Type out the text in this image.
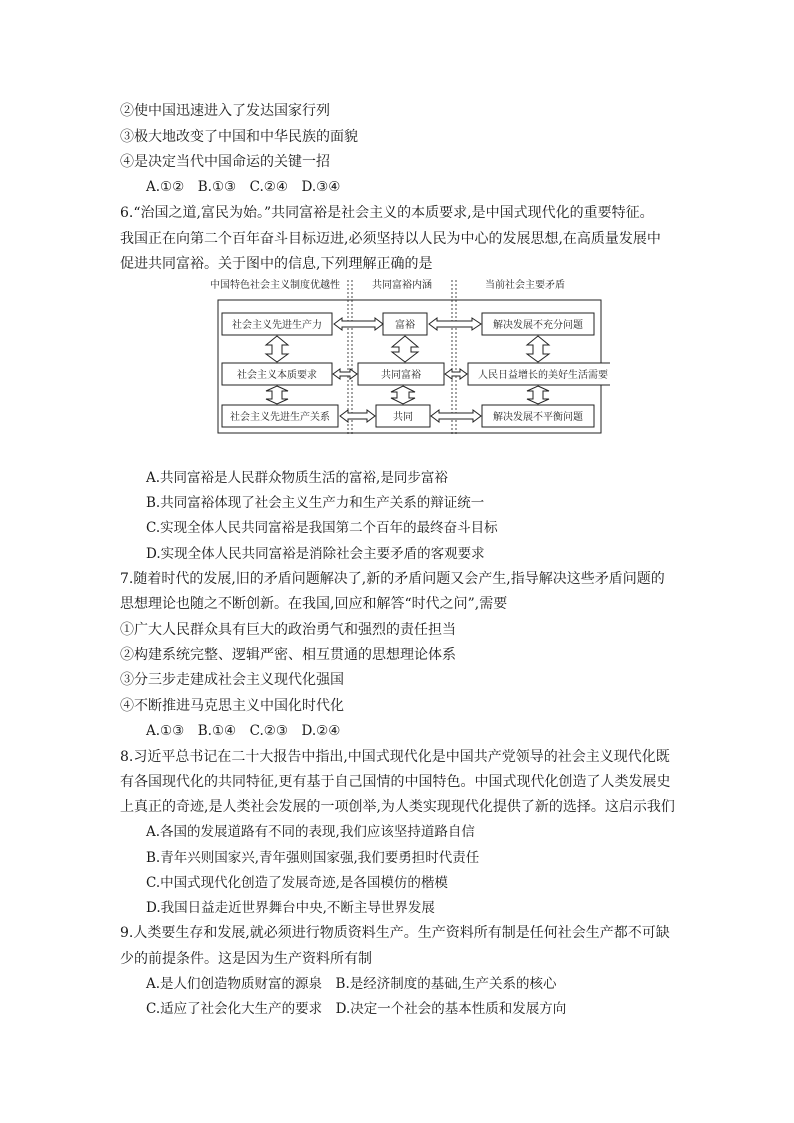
②使中国迅速进入了发达国家行列
③极大地改变了中国和中华民族的面貌
④是决定当代中国命运的关键一招
A.①②　B.①③　C.②④　D.③④
6.“治国之道,富民为始。”共同富裕是社会主义的本质要求,是中国式现代化的重要特征。
我国正在向第二个百年奋斗目标迈进,必须坚持以人民为中心的发展思想,在高质量发展中
促进共同富裕。关于图中的信息,下列理解正确的是
中国特色社会主义制度优越性	共同富裕内涵	当前社会主要矛盾
社会主义先进生产力
社会主义本质要求
社会主义先进生产关系
富裕
共同富裕
共同
解决发展不充分问题
人民日益增长的美好生活需要
解决发展不平衡问题
A.共同富裕是人民群众物质生活的富裕,是同步富裕
B.共同富裕体现了社会主义生产力和生产关系的辩证统一
C.实现全体人民共同富裕是我国第二个百年的最终奋斗目标
D.实现全体人民共同富裕是消除社会主要矛盾的客观要求
7.随着时代的发展,旧的矛盾问题解决了,新的矛盾问题又会产生,指导解决这些矛盾问题的
思想理论也随之不断创新。在我国,回应和解答“时代之问”,需要
①广大人民群众具有巨大的政治勇气和强烈的责任担当
②构建系统完整、逻辑严密、相互贯通的思想理论体系
③分三步走建成社会主义现代化强国
④不断推进马克思主义中国化时代化
A.①③　B.①④　C.②③　D.②④
8.习近平总书记在二十大报告中指出,中国式现代化是中国共产党领导的社会主义现代化既
有各国现代化的共同特征,更有基于自己国情的中国特色。中国式现代化创造了人类发展史
上真正的奇迹,是人类社会发展的一项创举,为人类实现现代化提供了新的选择。这启示我们
A.各国的发展道路有不同的表现,我们应该坚持道路自信
B.青年兴则国家兴,青年强则国家强,我们要勇担时代责任
C.中国式现代化创造了发展奇迹,是各国模仿的楷模
D.我国日益走近世界舞台中央,不断主导世界发展
9.人类要生存和发展,就必须进行物质资料生产。生产资料所有制是任何社会生产都不可缺
少的前提条件。这是因为生产资料所有制
A.是人们创造物质财富的源泉　B.是经济制度的基础,生产关系的核心
C.适应了社会化大生产的要求　D.决定一个社会的基本性质和发展方向
